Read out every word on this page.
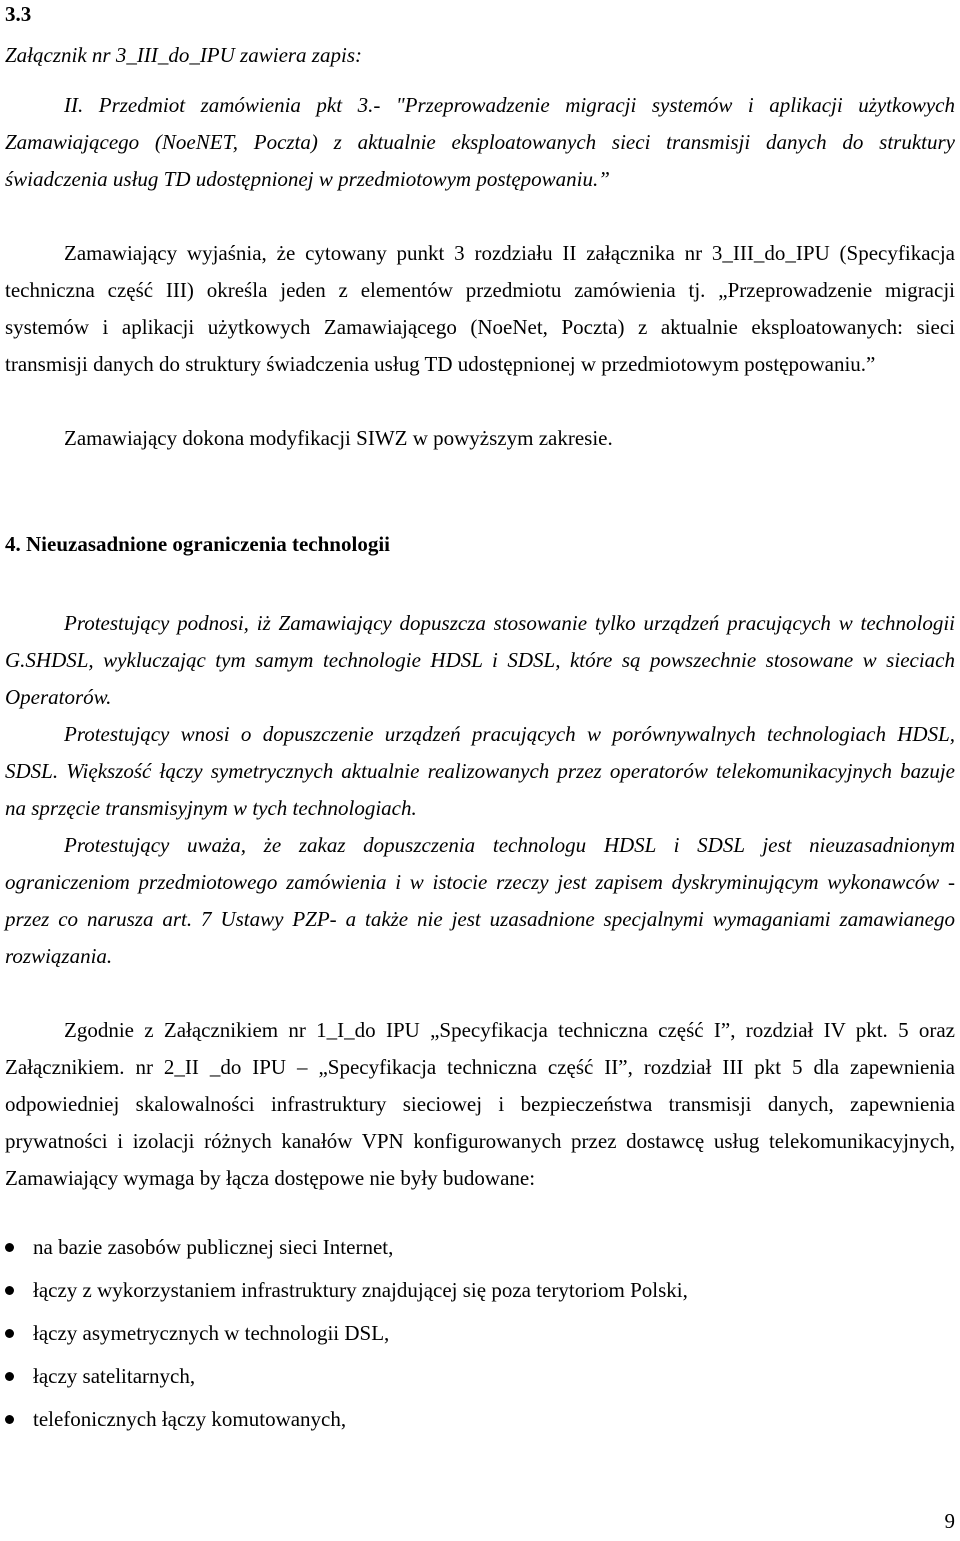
3.3

Załącznik nr 3_III_do_IPU zawiera zapis:

II. Przedmiot zamówienia pkt 3.- "Przeprowadzenie migracji systemów i aplikacji użytkowych Zamawiającego (NoeNET, Poczta) z aktualnie eksploatowanych sieci transmisji danych do struktury świadczenia usług TD udostępnionej w przedmiotowym postępowaniu.”

Zamawiający wyjaśnia, że cytowany punkt 3 rozdziału II załącznika nr 3_III_do_IPU (Specyfikacja techniczna część III) określa jeden z elementów przedmiotu zamówienia tj. „Przeprowadzenie migracji systemów i aplikacji użytkowych Zamawiającego (NoeNet, Poczta) z aktualnie eksploatowanych: sieci transmisji danych do struktury świadczenia usług TD udostępnionej w przedmiotowym postępowaniu.”

Zamawiający dokona modyfikacji SIWZ w powyższym zakresie.

4. Nieuzasadnione ograniczenia technologii

Protestujący podnosi, iż Zamawiający dopuszcza stosowanie tylko urządzeń pracujących w technologii G.SHDSL, wykluczając tym samym technologie HDSL i SDSL, które są powszechnie stosowane w sieciach Operatorów.

Protestujący wnosi o dopuszczenie urządzeń pracujących w porównywalnych technologiach HDSL, SDSL. Większość łączy symetrycznych aktualnie realizowanych przez operatorów telekomunikacyjnych bazuje na sprzęcie transmisyjnym w tych technologiach.

Protestujący uważa, że zakaz dopuszczenia technologu HDSL i SDSL jest nieuzasadnionym ograniczeniom przedmiotowego zamówienia i w istocie rzeczy jest zapisem dyskryminującym wykonawców - przez co narusza art. 7 Ustawy PZP- a także nie jest uzasadnione specjalnymi wymaganiami zamawianego rozwiązania.

Zgodnie z Załącznikiem nr 1_I_do IPU „Specyfikacja techniczna część I”, rozdział IV pkt. 5 oraz Załącznikiem. nr 2_II _do IPU – „Specyfikacja techniczna część II”, rozdział III pkt 5 dla zapewnienia odpowiedniej skalowalności infrastruktury sieciowej i bezpieczeństwa transmisji danych, zapewnienia prywatności i izolacji różnych kanałów VPN konfigurowanych przez dostawcę usług telekomunikacyjnych, Zamawiający wymaga by łącza dostępowe nie były budowane:

na bazie zasobów publicznej sieci Internet,
łączy z wykorzystaniem infrastruktury znajdującej się poza terytoriom Polski,
łączy asymetrycznych w technologii DSL,
łączy satelitarnych,
telefonicznych łączy komutowanych,
9
